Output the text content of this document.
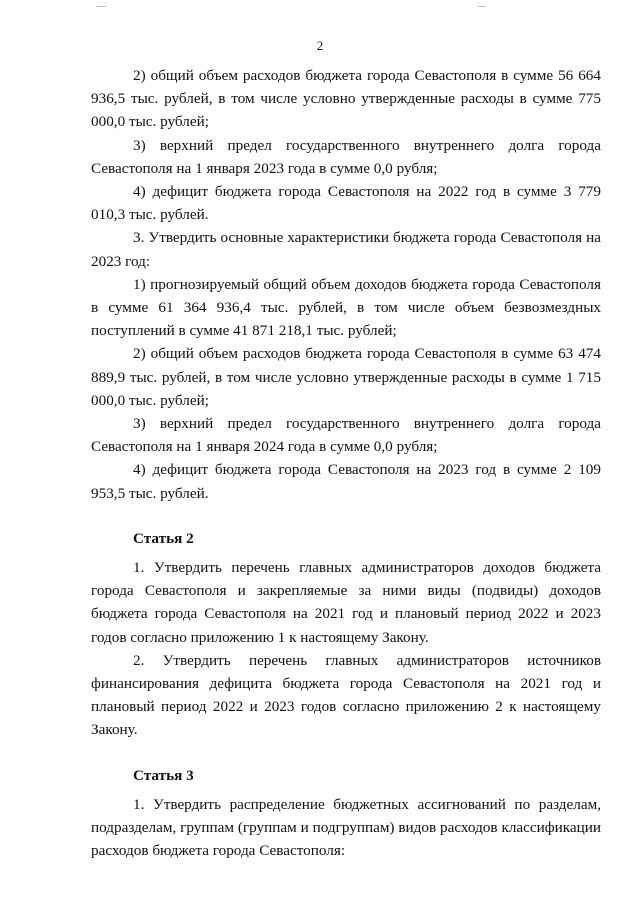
2

2) общий объем расходов бюджета города Севастополя в сумме 56 664 936,5 тыс. рублей, в том числе условно утвержденные расходы в сумме 775 000,0 тыс. рублей;

3) верхний предел государственного внутреннего долга города Севастополя на 1 января 2023 года в сумме 0,0 рубля;

4) дефицит бюджета города Севастополя на 2022 год в сумме 3 779 010,3 тыс. рублей.

3. Утвердить основные характеристики бюджета города Севастополя на 2023 год:

1) прогнозируемый общий объем доходов бюджета города Севастополя в сумме 61 364 936,4 тыс. рублей, в том числе объем безвозмездных поступлений в сумме 41 871 218,1 тыс. рублей;

2) общий объем расходов бюджета города Севастополя в сумме 63 474 889,9 тыс. рублей, в том числе условно утвержденные расходы в сумме 1 715 000,0 тыс. рублей;

3) верхний предел государственного внутреннего долга города Севастополя на 1 января 2024 года в сумме 0,0 рубля;

4) дефицит бюджета города Севастополя на 2023 год в сумме 2 109 953,5 тыс. рублей.

Статья 2

1. Утвердить перечень главных администраторов доходов бюджета города Севастополя и закрепляемые за ними виды (подвиды) доходов бюджета города Севастополя на 2021 год и плановый период 2022 и 2023 годов согласно приложению 1 к настоящему Закону.

2. Утвердить перечень главных администраторов источников финансирования дефицита бюджета города Севастополя на 2021 год и плановый период 2022 и 2023 годов согласно приложению 2 к настоящему Закону.

Статья 3

1. Утвердить распределение бюджетных ассигнований по разделам, подразделам, группам (группам и подгруппам) видов расходов классификации расходов бюджета города Севастополя:
